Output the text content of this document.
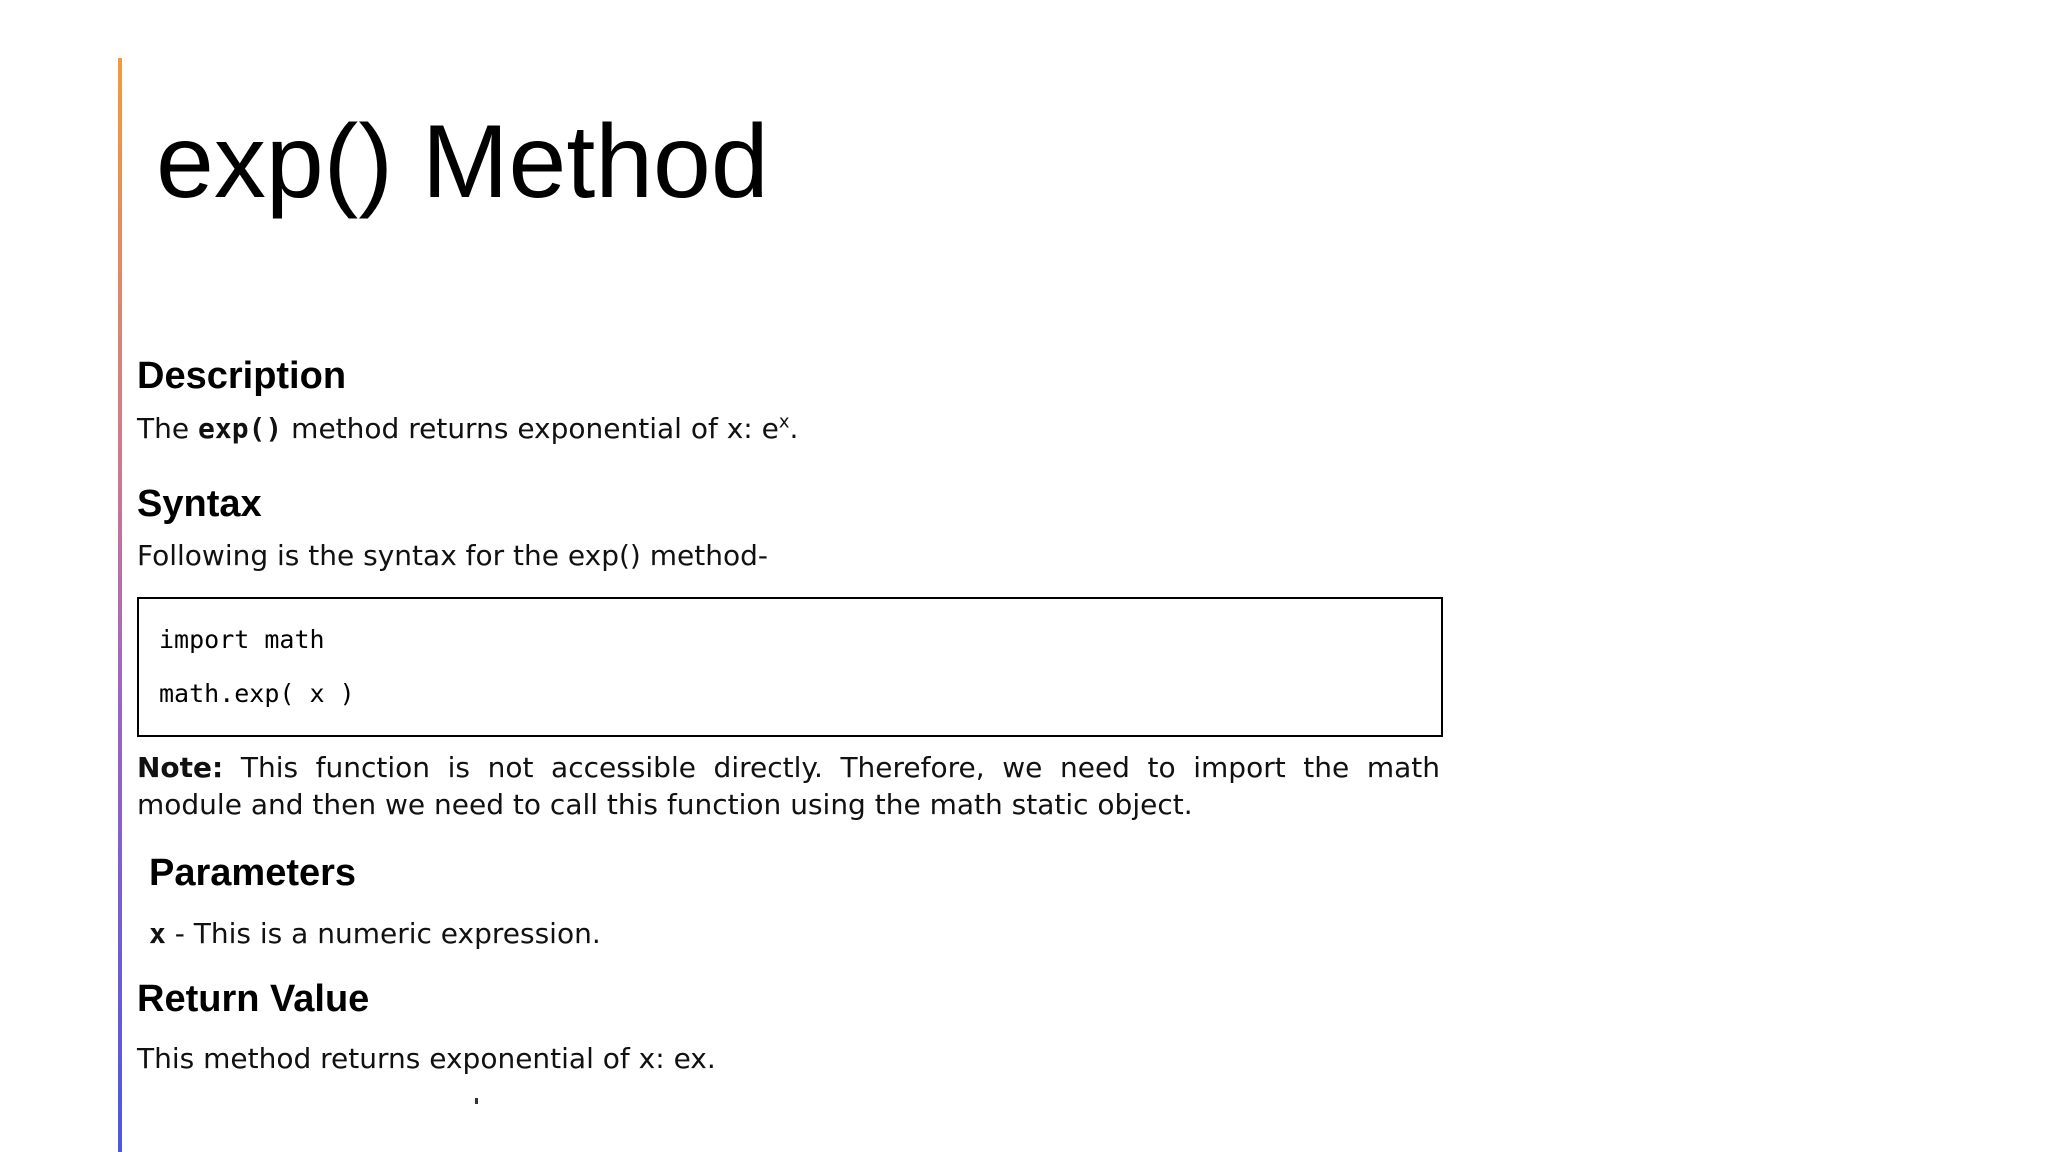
exp() Method
Description

The exp() method returns exponential of x: $e^x$.

Syntax

Following is the syntax for the exp() method-

import math
math.exp( x )

Note: This function is not accessible directly. Therefore, we need to import the math module and then we need to call this function using the math static object.

Parameters

x - This is a numeric expression.

Return Value

This method returns exponential of x: ex.
